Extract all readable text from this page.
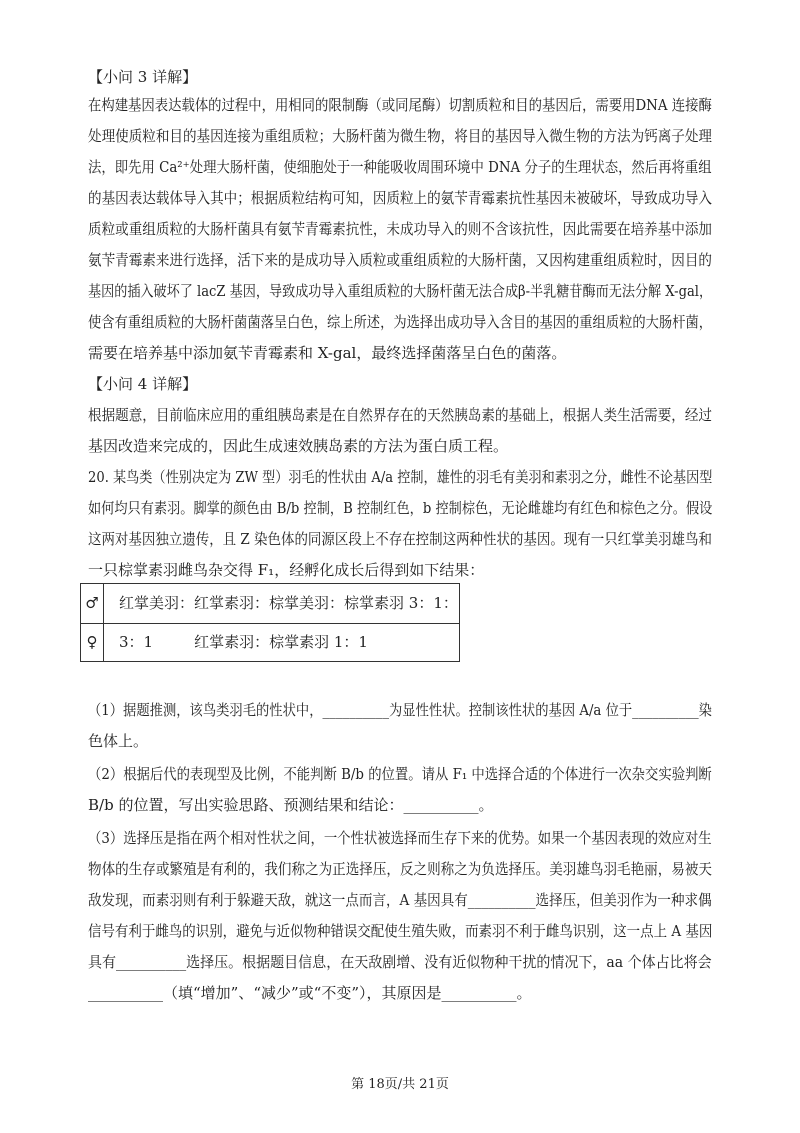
【小问 3 详解】
在构建基因表达载体的过程中，用相同的限制酶（或同尾酶）切割质粒和目的基因后，需要用DNA 连接酶
处理使质粒和目的基因连接为重组质粒；大肠杆菌为微生物，将目的基因导入微生物的方法为钙离子处理
法，即先用 Ca²⁺处理大肠杆菌，使细胞处于一种能吸收周围环境中 DNA 分子的生理状态，然后再将重组
的基因表达载体导入其中；根据质粒结构可知，因质粒上的氨苄青霉素抗性基因未被破坏，导致成功导入
质粒或重组质粒的大肠杆菌具有氨苄青霉素抗性，未成功导入的则不含该抗性，因此需要在培养基中添加
氨苄青霉素来进行选择，活下来的是成功导入质粒或重组质粒的大肠杆菌，又因构建重组质粒时，因目的
基因的插入破坏了 lacZ 基因，导致成功导入重组质粒的大肠杆菌无法合成β-半乳糖苷酶而无法分解 X-gal，
使含有重组质粒的大肠杆菌菌落呈白色，综上所述，为选择出成功导入含目的基因的重组质粒的大肠杆菌，
需要在培养基中添加氨苄青霉素和 X-gal，最终选择菌落呈白色的菌落。
【小问 4 详解】
根据题意，目前临床应用的重组胰岛素是在自然界存在的天然胰岛素的基础上，根据人类生活需要，经过
基因改造来完成的，因此生成速效胰岛素的方法为蛋白质工程。
20. 某鸟类（性别决定为 ZW 型）羽毛的性状由 A/a 控制，雄性的羽毛有美羽和素羽之分，雌性不论基因型
如何均只有素羽。脚掌的颜色由 B/b 控制，B 控制红色，b 控制棕色，无论雌雄均有红色和棕色之分。假设
这两对基因独立遗传，且 Z 染色体的同源区段上不存在控制这两种性状的基因。现有一只红掌美羽雄鸟和
一只棕掌素羽雌鸟杂交得 F₁，经孵化成长后得到如下结果：
♂	红掌美羽：红掌素羽：棕掌美羽：棕掌素羽 3：1：3：1
♀	红掌素羽：棕掌素羽 1：1
（1）据题推测，该鸟类羽毛的性状中，__________为显性性状。控制该性状的基因 A/a 位于__________染
色体上。
（2）根据后代的表现型及比例，不能判断 B/b 的位置。请从 F₁ 中选择合适的个体进行一次杂交实验判断
B/b 的位置，写出实验思路、预测结果和结论：__________。
（3）选择压是指在两个相对性状之间，一个性状被选择而生存下来的优势。如果一个基因表现的效应对生
物体的生存或繁殖是有利的，我们称之为正选择压，反之则称之为负选择压。美羽雄鸟羽毛艳丽，易被天
敌发现，而素羽则有利于躲避天敌，就这一点而言，A 基因具有__________选择压，但美羽作为一种求偶
信号有利于雌鸟的识别，避免与近似物种错误交配使生殖失败，而素羽不利于雌鸟识别，这一点上 A 基因
具有__________选择压。根据题目信息，在天敌剧增、没有近似物种干扰的情况下，aa 个体占比将会
__________（填“增加”、“减少”或“不变”），其原因是__________。
第 18页/共 21页
